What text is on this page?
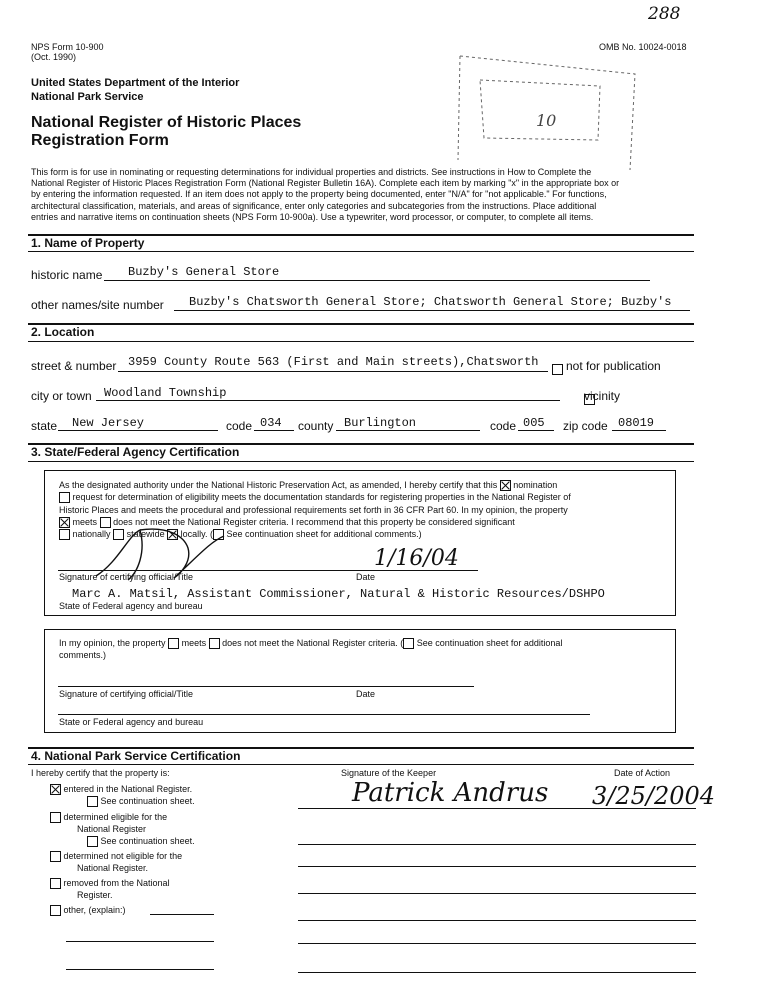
288
NPS Form 10-900
(Oct. 1990)
OMB No. 10024-0018
United States Department of the Interior
National Park Service
National Register of Historic Places
Registration Form
10
This form is for use in nominating or requesting determinations for individual properties and districts. See instructions in How to Complete the
National Register of Historic Places Registration Form (National Register Bulletin 16A). Complete each item by marking "x" in the appropriate box or
by entering the information requested. If an item does not apply to the property being documented, enter "N/A" for "not applicable." For functions,
architectural classification, materials, and areas of significance, enter only categories and subcategories from the instructions. Place additional
entries and narrative items on continuation sheets (NPS Form 10-900a). Use a typewriter, word processor, or computer, to complete all items.
1. Name of Property
historic name Buzby's General Store
other names/site number Buzby's Chatsworth General Store; Chatsworth General Store; Buzby's
2. Location
street & number 3959 County Route 563 (First and Main streets),Chatsworth
not for publication
city or town Woodland Township	vicinity
state New Jersey	code 034 county Burlington	code 005 zip code 08019
3. State/Federal Agency Certification
As the designated authority under the National Historic Preservation Act, as amended, I hereby certify that this nomination
request for determination of eligibility meets the documentation standards for registering properties in the National Register of
Historic Places and meets the procedural and professional requirements set forth in 36 CFR Part 60. In my opinion, the property
meets does not meet the National Register criteria. I recommend that this property be considered significant
nationally statewide locally. ( See continuation sheet for additional comments.)
1/16/04
Signature of certifying official/Title	Date
Marc A. Matsil, Assistant Commissioner, Natural & Historic Resources/DSHPO
State of Federal agency and bureau
In my opinion, the property meets does not meet the National Register criteria. ( See continuation sheet for additional
comments.)
Signature of certifying official/Title	Date
State or Federal agency and bureau
4. National Park Service Certification
I hereby certify that the property is:	Signature of the Keeper	Date of Action
entered in the National Register.
See continuation sheet.	Patrick Andrus 3/25/2004
determined eligible for the
National Register
See continuation sheet.
determined not eligible for the
National Register.
removed from the National
Register.
other, (explain:)
